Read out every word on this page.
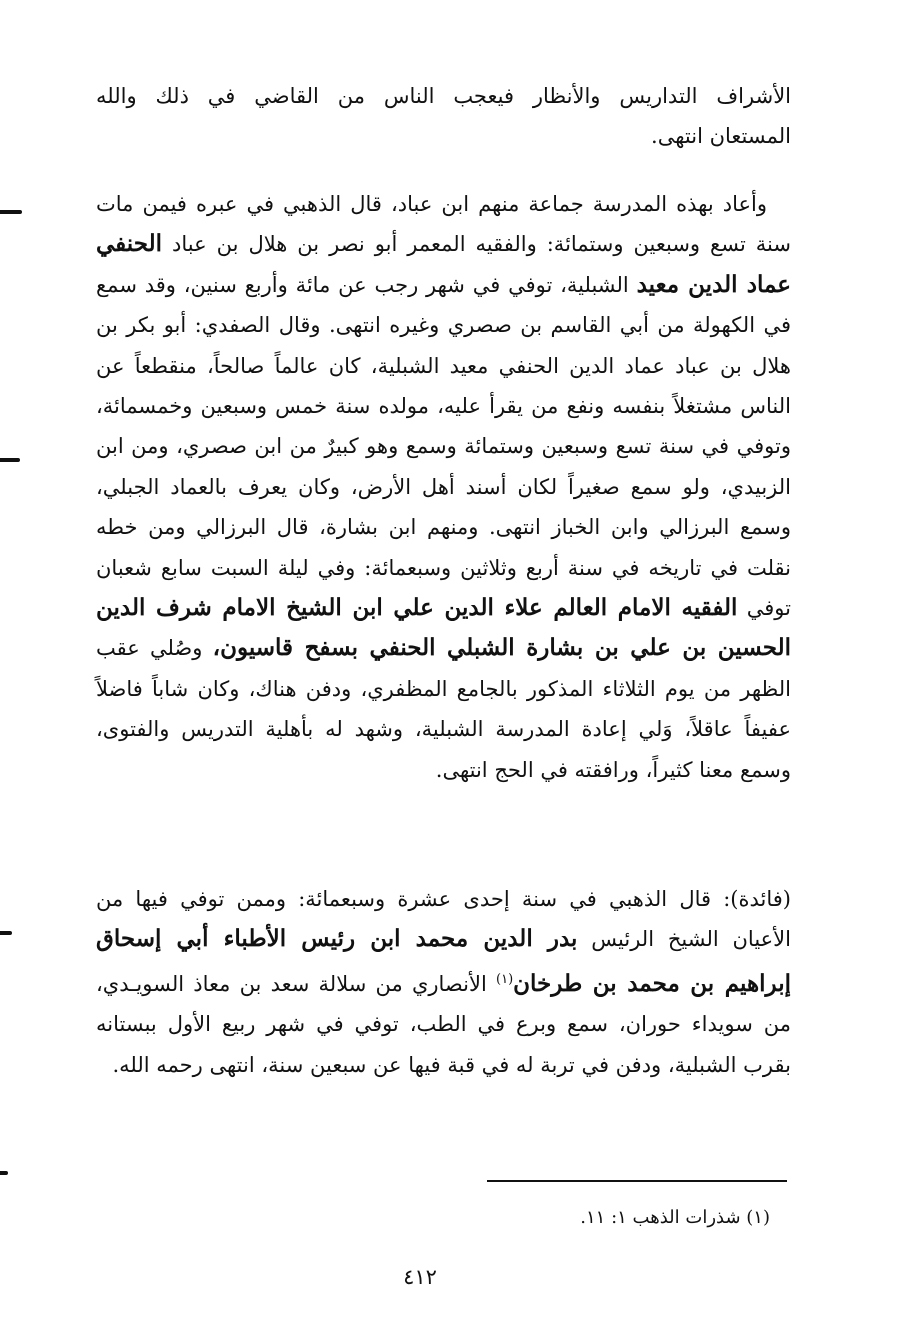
الأشراف التداريس والأنظار فيعجب الناس من القاضي في ذلك والله

المستعان انتهى.

وأعاد بهذه المدرسة جماعة منهم ابن عباد، قال الذهبي في عبره فيمن مات سنة تسع وسبعين وستمائة: والفقيه المعمر أبو نصر بن هلال بن عباد الحنفي عماد الدين معيد الشبلية، توفي في شهر رجب عن مائة وأربع سنين، وقد سمع في الكهولة من أبي القاسم بن صصري وغيره انتهى. وقال الصفدي: أبو بكر بن هلال بن عباد عماد الدين الحنفي معيد الشبلية، كان عالماً صالحاً، منقطعاً عن الناس مشتغلاً بنفسه ونفع من يقرأ عليه، مولده سنة خمس وسبعين وخمسمائة، وتوفي في سنة تسع وسبعين وستمائة وسمع وهو كبيرٌ من ابن صصري، ومن ابن الزبيدي، ولو سمع صغيراً لكان أسند أهل الأرض، وكان يعرف بالعماد الجبلي، وسمع البرزالي وابن الخباز انتهى. ومنهم ابن بشارة، قال البرزالي ومن خطه نقلت في تاريخه في سنة أربع وثلاثين وسبعمائة: وفي ليلة السبت سابع شعبان توفي الفقيه الامام العالم علاء الدين علي ابن الشيخ الامام شرف الدين الحسين بن علي بن بشارة الشبلي الحنفي بسفح قاسيون، وصُلي عقب الظهر من يوم الثلاثاء المذكور بالجامع المظفري، ودفن هناك، وكان شاباً فاضلاً عفيفاً عاقلاً، وَلي إعادة المدرسة الشبلية، وشهد له بأهلية التدريس والفتوى، وسمع معنا كثيراً، ورافقته في الحج انتهى.

(فائدة): قال الذهبي في سنة إحدى عشرة وسبعمائة: وممن توفي فيها من الأعيان الشيخ الرئيس بدر الدين محمد ابن رئيس الأطباء أبي إسحاق إبراهيم بن محمد بن طرخان$^{(١)}$ الأنصاري من سلالة سعد بن معاذ السويـدي، من سويداء حوران، سمع وبرع في الطب، توفي في شهر ربيع الأول ببستانه بقرب الشبلية، ودفن في تربة له في قبة فيها عن سبعين سنة، انتهى رحمه الله.

(١) شذرات الذهب ١: ١١.
٤١٢
